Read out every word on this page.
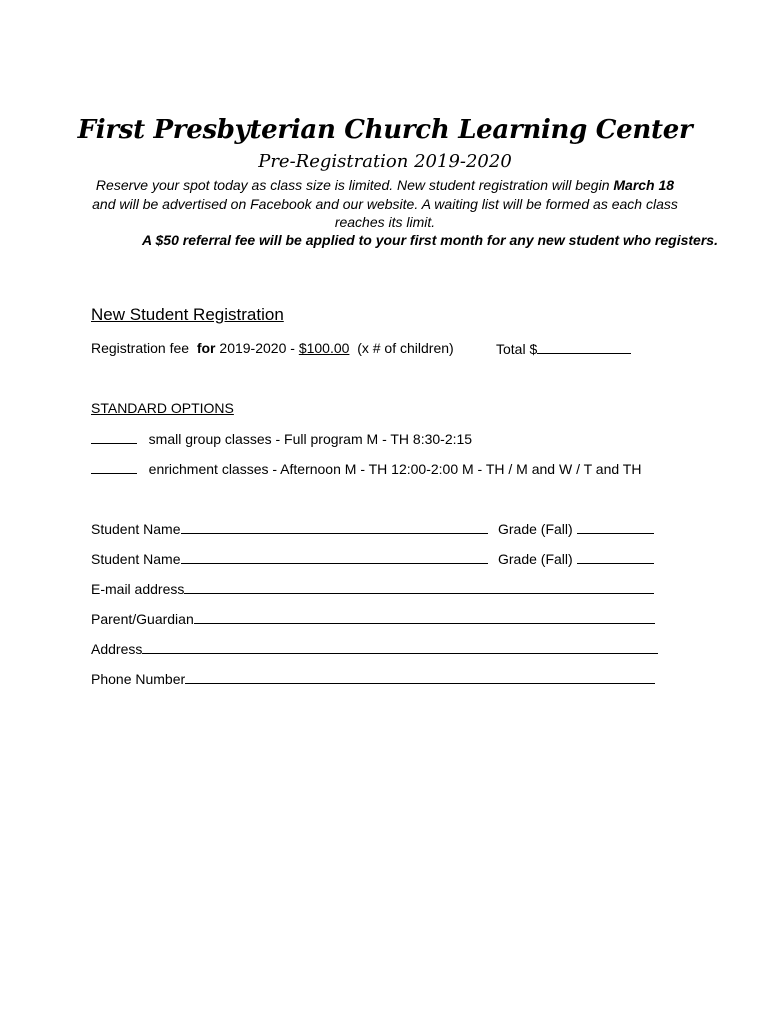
First Presbyterian Church Learning Center
Pre-Registration 2019-2020
Reserve your spot today as class size is limited. New student registration will begin March 18 and will be advertised on Facebook and our website. A waiting list will be formed as each class reaches its limit.
A $50 referral fee will be applied to your first month for any new student who registers.
New Student Registration
Registration fee for 2019-2020 - $100.00 (x # of children)	Total $
STANDARD OPTIONS
small group classes - Full program M - TH 8:30-2:15
enrichment classes - Afternoon M - TH 12:00-2:00 M - TH / M and W / T and TH
Student Name	Grade (Fall)
Student Name	Grade (Fall)
E-mail address
Parent/Guardian
Address
Phone Number
